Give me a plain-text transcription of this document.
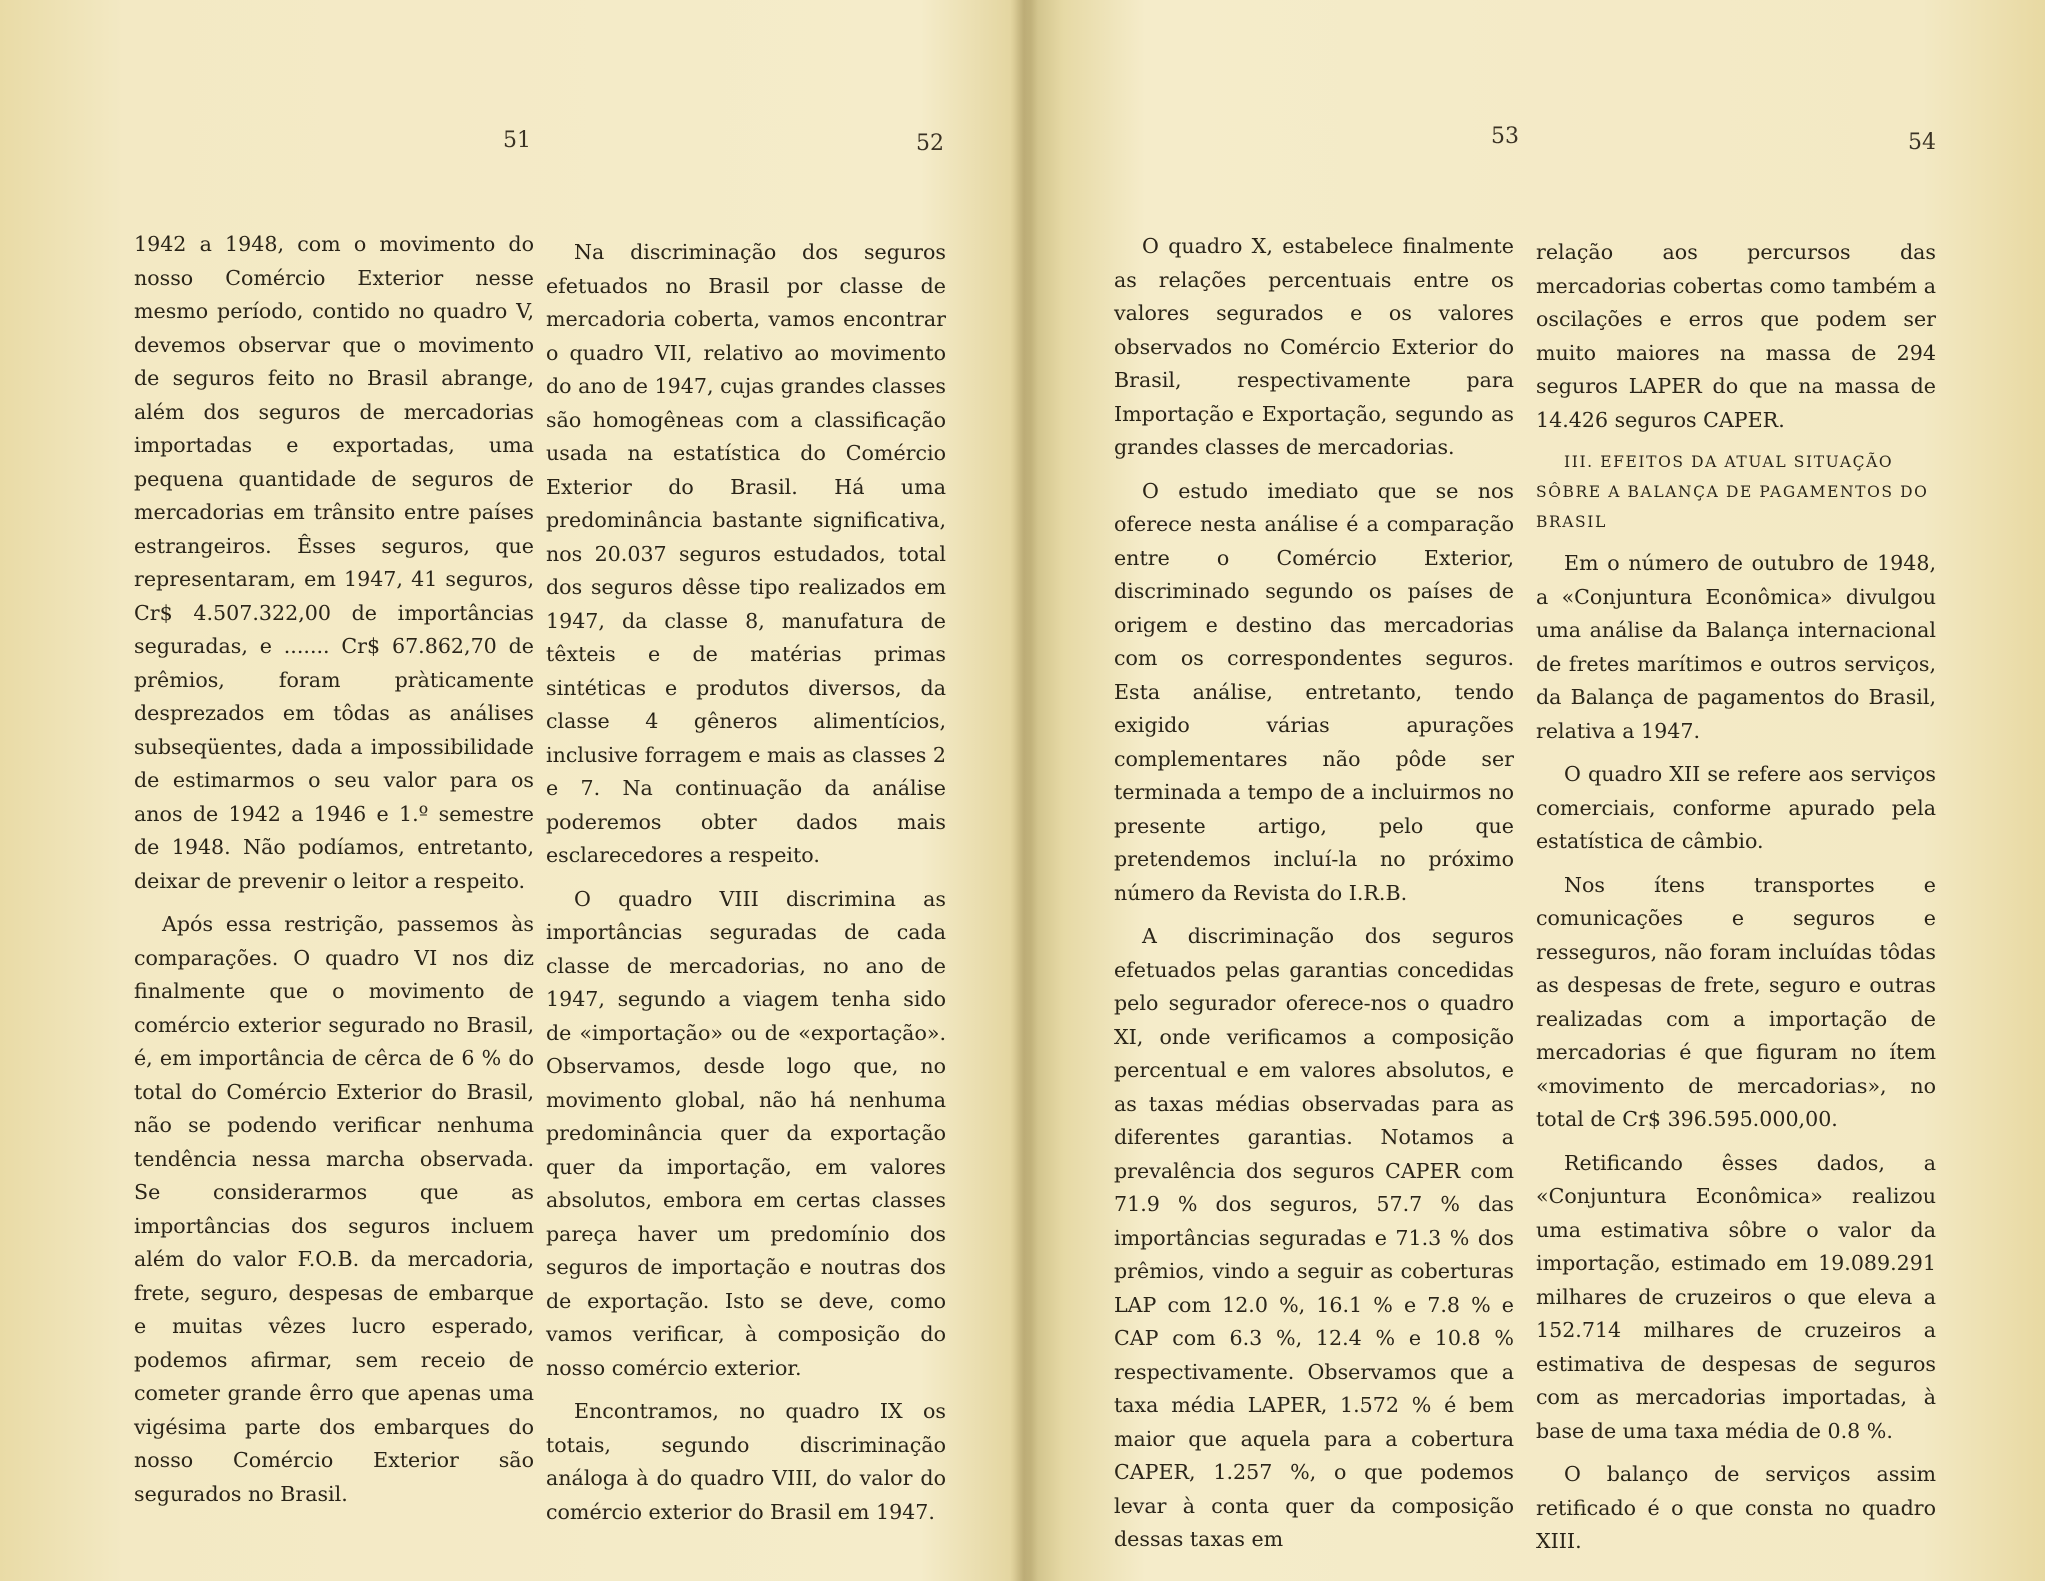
51	52	53	54

1942 a 1948, com o movimento do nosso Comércio Exterior nesse mesmo período, contido no quadro V, devemos observar que o movimento de seguros feito no Brasil abrange, além dos seguros de mercadorias importadas e exportadas, uma pequena quantidade de seguros de mercadorias em trânsito entre países estrangeiros. Êsses seguros, que representaram, em 1947, 41 seguros, Cr$ 4.507.322,00 de importâncias seguradas, e ....... Cr$ 67.862,70 de prêmios, foram pràticamente desprezados em tôdas as análises subseqüentes, dada a impossibilidade de estimarmos o seu valor para os anos de 1942 a 1946 e 1.º semestre de 1948. Não podíamos, entretanto, deixar de prevenir o leitor a respeito.

Após essa restrição, passemos às comparações. O quadro VI nos diz finalmente que o movimento de comércio exterior segurado no Brasil, é, em importância de cêrca de 6 % do total do Comércio Exterior do Brasil, não se podendo verificar nenhuma tendência nessa marcha observada. Se considerarmos que as importâncias dos seguros incluem além do valor F.O.B. da mercadoria, frete, seguro, despesas de embarque e muitas vêzes lucro esperado, podemos afirmar, sem receio de cometer grande êrro que apenas uma vigésima parte dos embarques do nosso Comércio Exterior são segurados no Brasil.

Na discriminação dos seguros efetuados no Brasil por classe de mercadoria coberta, vamos encontrar o quadro VII, relativo ao movimento do ano de 1947, cujas grandes classes são homogêneas com a classificação usada na estatística do Comércio Exterior do Brasil. Há uma predominância bastante significativa, nos 20.037 seguros estudados, total dos seguros dêsse tipo realizados em 1947, da classe 8, manufatura de têxteis e de matérias primas sintéticas e produtos diversos, da classe 4 gêneros alimentícios, inclusive forragem e mais as classes 2 e 7. Na continuação da análise poderemos obter dados mais esclarecedores a respeito.

O quadro VIII discrimina as importâncias seguradas de cada classe de mercadorias, no ano de 1947, segundo a viagem tenha sido de «importação» ou de «exportação». Observamos, desde logo que, no movimento global, não há nenhuma predominância quer da exportação quer da importação, em valores absolutos, embora em certas classes pareça haver um predomínio dos seguros de importação e noutras dos de exportação. Isto se deve, como vamos verificar, à composição do nosso comércio exterior.

Encontramos, no quadro IX os totais, segundo discriminação análoga à do quadro VIII, do valor do comércio exterior do Brasil em 1947.

O quadro X, estabelece finalmente as relações percentuais entre os valores segurados e os valores observados no Comércio Exterior do Brasil, respectivamente para Importação e Exportação, segundo as grandes classes de mercadorias.

O estudo imediato que se nos oferece nesta análise é a comparação entre o Comércio Exterior, discriminado segundo os países de origem e destino das mercadorias com os correspondentes seguros. Esta análise, entretanto, tendo exigido várias apurações complementares não pôde ser terminada a tempo de a incluirmos no presente artigo, pelo que pretendemos incluí-la no próximo número da Revista do I.R.B.

A discriminação dos seguros efetuados pelas garantias concedidas pelo segurador oferece-nos o quadro XI, onde verificamos a composição percentual e em valores absolutos, e as taxas médias observadas para as diferentes garantias. Notamos a prevalência dos seguros CAPER com 71.9 % dos seguros, 57.7 % das importâncias seguradas e 71.3 % dos prêmios, vindo a seguir as coberturas LAP com 12.0 %, 16.1 % e 7.8 % e CAP com 6.3 %, 12.4 % e 10.8 % respectivamente. Observamos que a taxa média LAPER, 1.572 % é bem maior que aquela para a cobertura CAPER, 1.257 %, o que podemos levar à conta quer da composição dessas taxas em

relação aos percursos das mercadorias cobertas como também a oscilações e erros que podem ser muito maiores na massa de 294 seguros LAPER do que na massa de 14.426 seguros CAPER.

III. EFEITOS DA ATUAL SITUAÇÃO SÔBRE A BALANÇA DE PAGAMENTOS DO BRASIL

Em o número de outubro de 1948, a «Conjuntura Econômica» divulgou uma análise da Balança internacional de fretes marítimos e outros serviços, da Balança de pagamentos do Brasil, relativa a 1947.

O quadro XII se refere aos serviços comerciais, conforme apurado pela estatística de câmbio.

Nos ítens transportes e comunicações e seguros e resseguros, não foram incluídas tôdas as despesas de frete, seguro e outras realizadas com a importação de mercadorias é que figuram no ítem «movimento de mercadorias», no total de Cr$ 396.595.000,00.

Retificando êsses dados, a «Conjuntura Econômica» realizou uma estimativa sôbre o valor da importação, estimado em 19.089.291 milhares de cruzeiros o que eleva a 152.714 milhares de cruzeiros a estimativa de despesas de seguros com as mercadorias importadas, à base de uma taxa média de 0.8 %.

O balanço de serviços assim retificado é o que consta no quadro XIII.
